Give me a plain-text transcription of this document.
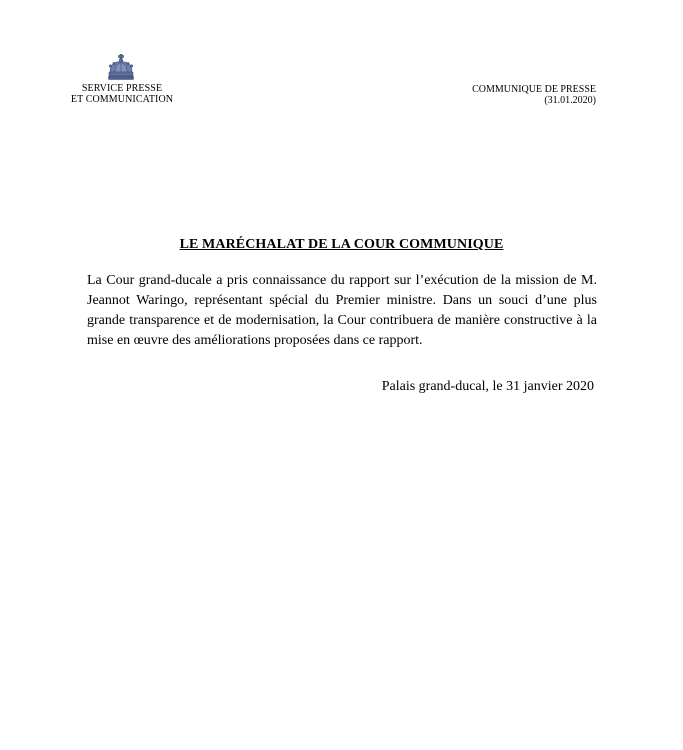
SERVICE PRESSE
ET COMMUNICATION
COMMUNIQUE DE PRESSE
(31.01.2020)
LE MARÉCHALAT DE LA COUR COMMUNIQUE
La Cour grand-ducale a pris connaissance du rapport sur l’exécution de la mission de M. Jeannot Waringo, représentant spécial du Premier ministre. Dans un souci d’une plus grande transparence et de modernisation, la Cour contribuera de manière constructive à la mise en œuvre des améliorations proposées dans ce rapport.
Palais grand-ducal, le 31 janvier 2020
